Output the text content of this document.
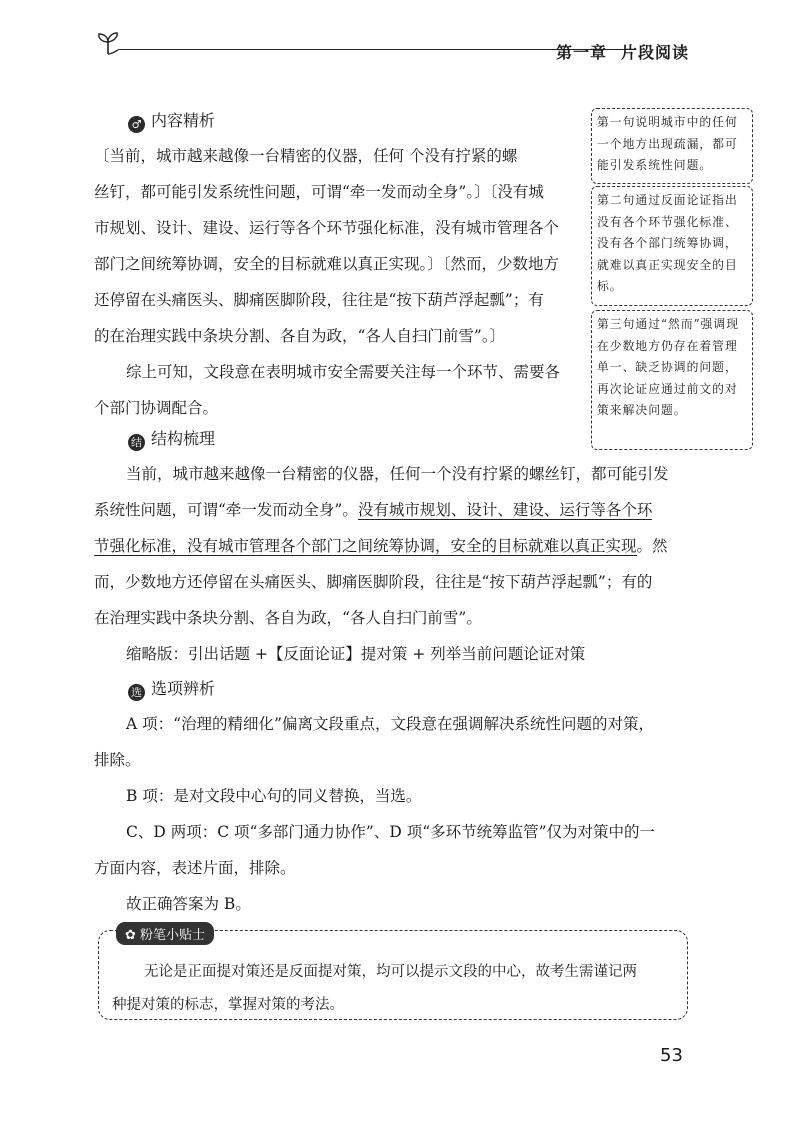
第一章 片段阅读
♂ 内容精析
〔当前，城市越来越像一台精密的仪器，任何 个没有拧紧的螺
丝钉，都可能引发系统性问题，可谓“牵一发而动全身”。〕〔没有城
市规划、设计、建设、运行等各个环节强化标准，没有城市管理各个
部门之间统筹协调，安全的目标就难以真正实现。〕〔然而，少数地方
还停留在头痛医头、脚痛医脚阶段，往往是“按下葫芦浮起瓢”；有
的在治理实践中条块分割、各自为政，“各人自扫门前雪”。〕
综上可知，文段意在表明城市安全需要关注每一个环节、需要各
个部门协调配合。
第一句说明城市中的任何一个地方出现疏漏，都可能引发系统性问题。
第二句通过反面论证指出没有各个环节强化标准、没有各个部门统筹协调，就难以真正实现安全的目标。
第三句通过“然而”强调现在少数地方仍存在着管理单一、缺乏协调的问题，再次论证应通过前文的对策来解决问题。
结 结构梳理
当前，城市越来越像一台精密的仪器，任何一个没有拧紧的螺丝钉，都可能引发
系统性问题，可谓“牵一发而动全身”。没有城市规划、设计、建设、运行等各个环
节强化标准，没有城市管理各个部门之间统筹协调，安全的目标就难以真正实现。然
而，少数地方还停留在头痛医头、脚痛医脚阶段，往往是“按下葫芦浮起瓢”；有的
在治理实践中条块分割、各自为政，“各人自扫门前雪”。
缩略版：引出话题 +【反面论证】提对策 + 列举当前问题论证对策
选 选项辨析
A 项：“治理的精细化”偏离文段重点，文段意在强调解决系统性问题的对策，
排除。
B 项：是对文段中心句的同义替换，当选。
C、D 两项：C 项“多部门通力协作”、D 项“多环节统筹监管”仅为对策中的一
方面内容，表述片面，排除。
故正确答案为 B。
✿ 粉笔小贴士
无论是正面提对策还是反面提对策，均可以提示文段的中心，故考生需谨记两
种提对策的标志，掌握对策的考法。
53
